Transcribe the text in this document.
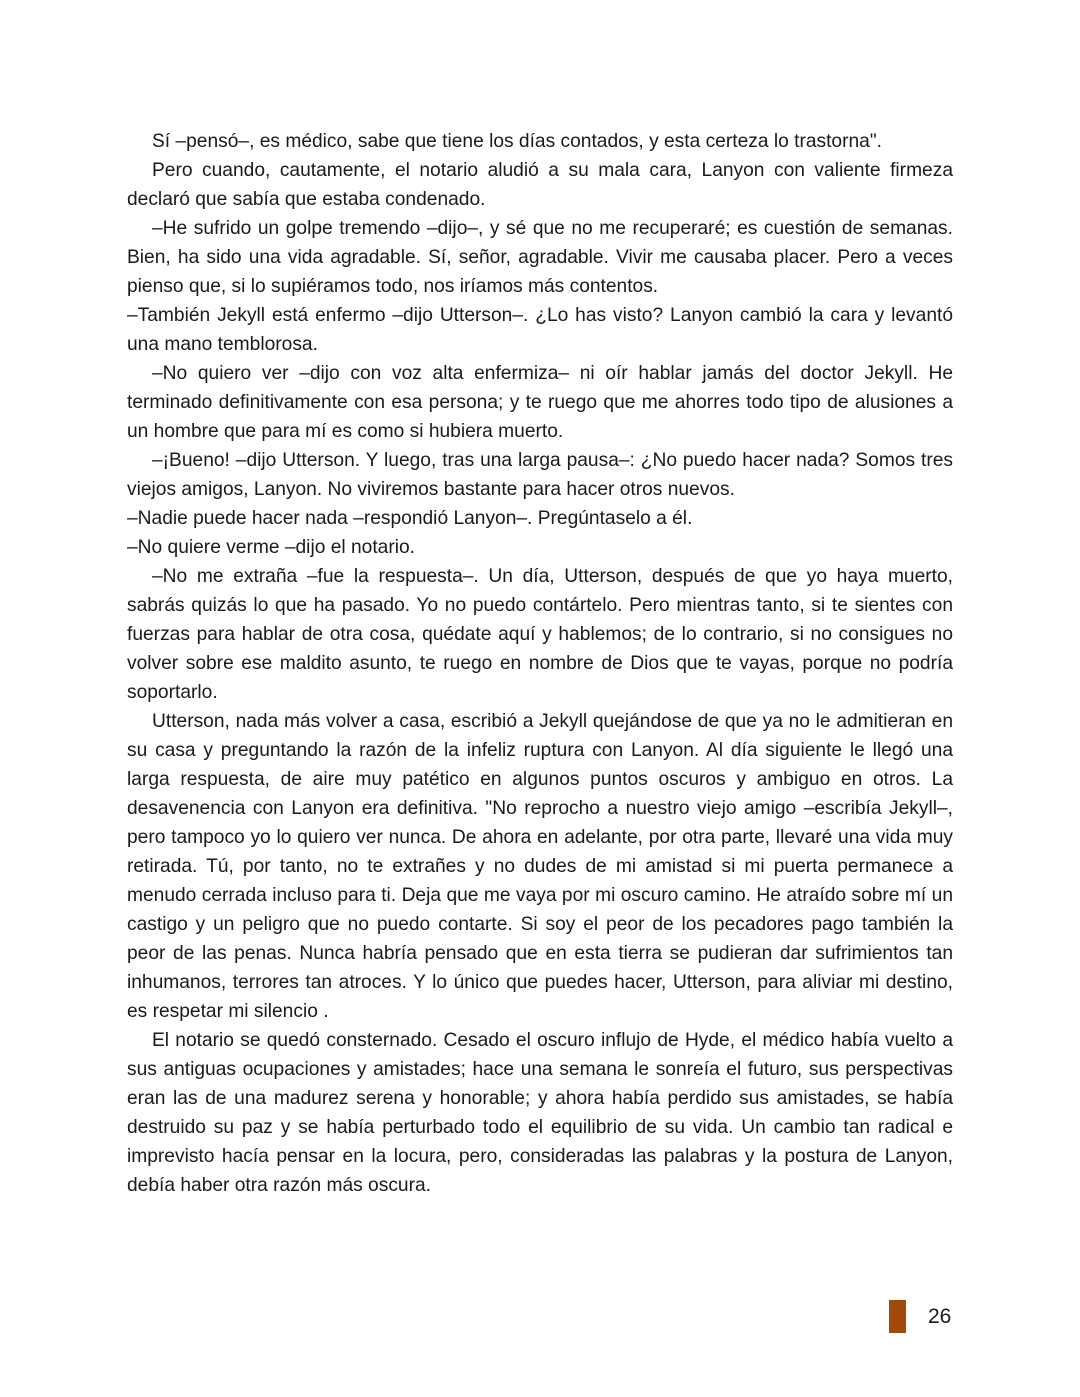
Sí –pensó–, es médico, sabe que tiene los días contados, y esta certeza lo trastorna".

Pero cuando, cautamente, el notario aludió a su mala cara, Lanyon con valiente firmeza declaró que sabía que estaba condenado.

–He sufrido un golpe tremendo –dijo–, y sé que no me recuperaré; es cuestión de semanas. Bien, ha sido una vida agradable. Sí, señor, agradable. Vivir me causaba placer. Pero a veces pienso que, si lo supiéramos todo, nos iríamos más contentos.

–También Jekyll está enfermo –dijo Utterson–. ¿Lo has visto? Lanyon cambió la cara y levantó una mano temblorosa.

–No quiero ver –dijo con voz alta enfermiza– ni oír hablar jamás del doctor Jekyll. He terminado definitivamente con esa persona; y te ruego que me ahorres todo tipo de alusiones a un hombre que para mí es como si hubiera muerto.

–¡Bueno! –dijo Utterson. Y luego, tras una larga pausa–: ¿No puedo hacer nada? Somos tres viejos amigos, Lanyon. No viviremos bastante para hacer otros nuevos.

–Nadie puede hacer nada –respondió Lanyon–. Pregúntaselo a él.

–No quiere verme –dijo el notario.

–No me extraña –fue la respuesta–. Un día, Utterson, después de que yo haya muerto, sabrás quizás lo que ha pasado. Yo no puedo contártelo. Pero mientras tanto, si te sientes con fuerzas para hablar de otra cosa, quédate aquí y hablemos; de lo contrario, si no consigues no volver sobre ese maldito asunto, te ruego en nombre de Dios que te vayas, porque no podría soportarlo.

Utterson, nada más volver a casa, escribió a Jekyll quejándose de que ya no le admitieran en su casa y preguntando la razón de la infeliz ruptura con Lanyon. Al día siguiente le llegó una larga respuesta, de aire muy patético en algunos puntos oscuros y ambiguo en otros. La desavenencia con Lanyon era definitiva. "No reprocho a nuestro viejo amigo –escribía Jekyll–, pero tampoco yo lo quiero ver nunca. De ahora en adelante, por otra parte, llevaré una vida muy retirada. Tú, por tanto, no te extrañes y no dudes de mi amistad si mi puerta permanece a menudo cerrada incluso para ti. Deja que me vaya por mi oscuro camino. He atraído sobre mí un castigo y un peligro que no puedo contarte. Si soy el peor de los pecadores pago también la peor de las penas. Nunca habría pensado que en esta tierra se pudieran dar sufrimientos tan inhumanos, terrores tan atroces. Y lo único que puedes hacer, Utterson, para aliviar mi destino, es respetar mi silencio .

El notario se quedó consternado. Cesado el oscuro influjo de Hyde, el médico había vuelto a sus antiguas ocupaciones y amistades; hace una semana le sonreía el futuro, sus perspectivas eran las de una madurez serena y honorable; y ahora había perdido sus amistades, se había destruido su paz y se había perturbado todo el equilibrio de su vida. Un cambio tan radical e imprevisto hacía pensar en la locura, pero, consideradas las palabras y la postura de Lanyon, debía haber otra razón más oscura.

26
